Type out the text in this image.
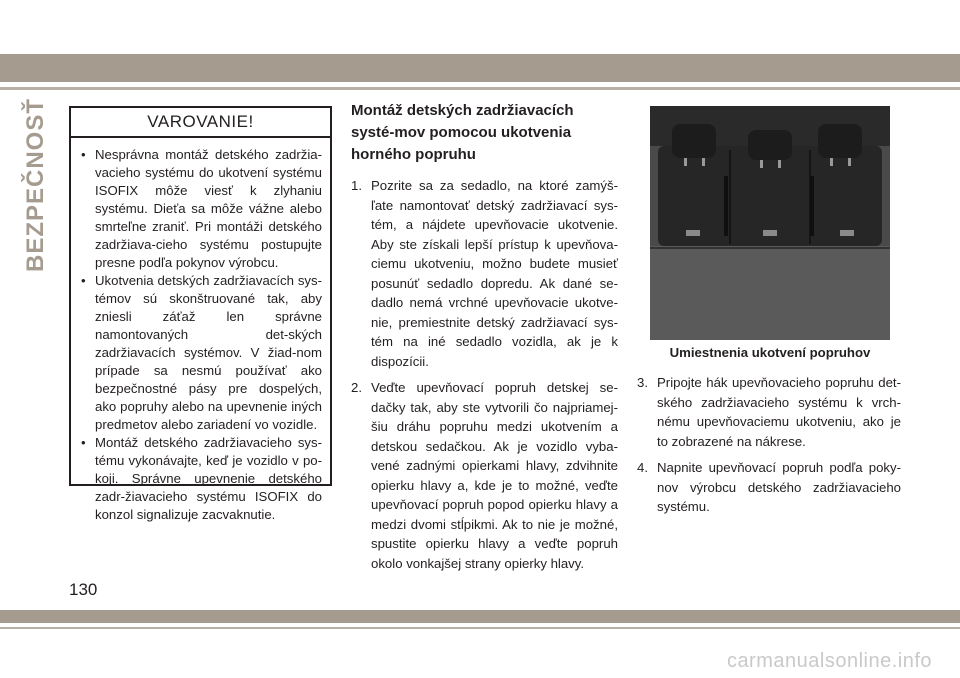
BEZPEČNOSŤ	VAROVANIE!
• Nesprávna montáž detského zadržia-vacieho systému do ukotvení systému ISOFIX môže viesť k zlyhaniu systému. Dieťa sa môže vážne alebo smrteľne zraniť. Pri montáži detského zadržiava-cieho systému postupujte presne podľa pokynov výrobcu.
• Ukotvenia detských zadržiavacích sys-témov sú skonštruované tak, aby zniesli záťaž len správne namontovaných det-ských zadržiavacích systémov. V žiad-nom prípade sa nesmú používať ako bezpečnostné pásy pre dospelých, ako popruhy alebo na upevnenie iných predmetov alebo zariadení vo vozidle.
• Montáž detského zadržiavacieho sys-tému vykonávajte, keď je vozidlo v po-koji. Správne upevnenie detského zadr-žiavacieho systému ISOFIX do konzol signalizuje zacvaknutie.
Montáž detských zadržiavacích systé-mov pomocou ukotvenia horného popruhu
1. Pozrite sa za sedadlo, na ktoré zamýš-ľate namontovať detský zadržiavací sys-tém, a nájdete upevňovacie ukotvenie. Aby ste získali lepší prístup k upevňova-ciemu ukotveniu, možno budete musieť posunúť sedadlo dopredu. Ak dané se-dadlo nemá vrchné upevňovacie ukotve-nie, premiestnite detský zadržiavací sys-tém na iné sedadlo vozidla, ak je k dispozícii.
2. Veďte upevňovací popruh detskej se-dačky tak, aby ste vytvorili čo najpriamej-šiu dráhu popruhu medzi ukotvením a detskou sedačkou. Ak je vozidlo vyba-vené zadnými opierkami hlavy, zdvihnite opierku hlavy a, kde je to možné, veďte upevňovací popruh popod opierku hlavy a medzi dvomi stĺpikmi. Ak to nie je možné, spustite opierku hlavy a veďte popruh okolo vonkajšej strany opierky hlavy.
Umiestnenia ukotvení popruhov
3. Pripojte hák upevňovacieho popruhu det-ského zadržiavacieho systému k vrch-nému upevňovaciemu ukotveniu, ako je to zobrazené na nákrese.
4. Napnite upevňovací popruh podľa poky-nov výrobcu detského zadržiavacieho systému.
130
carmanualsonline.info
